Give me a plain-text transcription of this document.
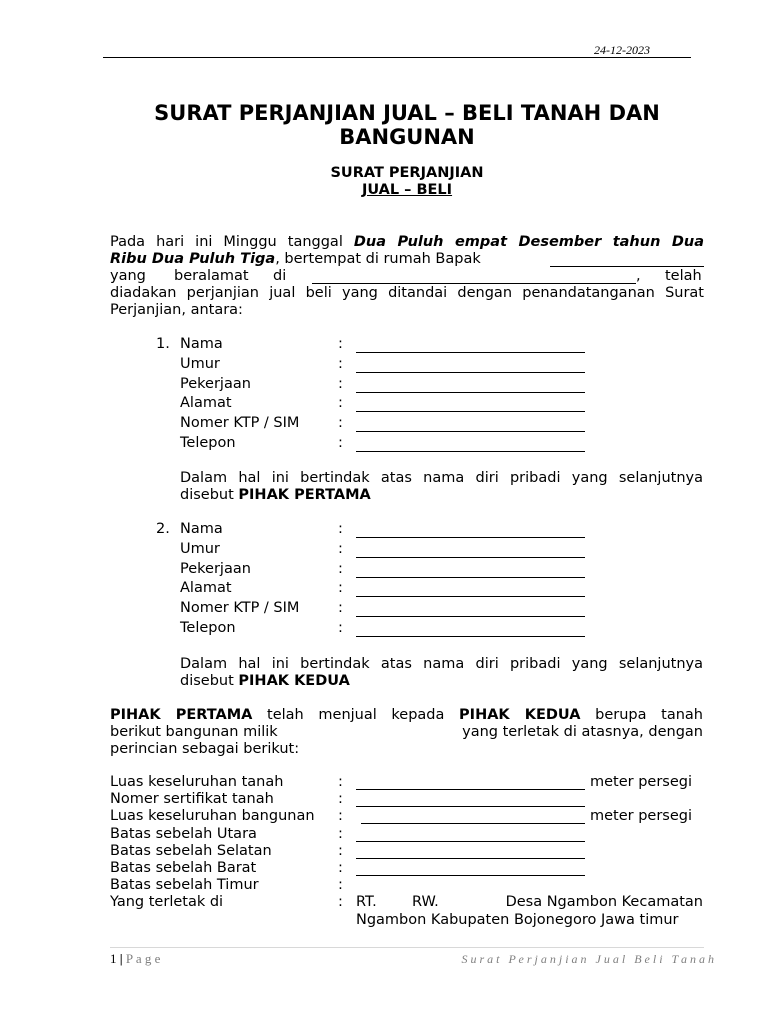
24-12-2023
SURAT PERJANJIAN JUAL – BELI TANAH DAN
BANGUNAN
SURAT PERJANJIAN
JUAL – BELI
Pada hari ini Minggu tanggal Dua Puluh empat Desember tahun Dua
Ribu Dua Puluh Tiga, bertempat di rumah Bapak
yang beralamat di	, telah
diadakan perjanjian jual beli yang ditandai dengan penandatanganan Surat
Perjanjian, antara:
1. Nama	:
Umur	:
Pekerjaan	:
Alamat	:
Nomer KTP / SIM	:
Telepon	:
Dalam hal ini bertindak atas nama diri pribadi yang selanjutnya
disebut PIHAK PERTAMA
2. Nama	:
Umur	:
Pekerjaan	:
Alamat	:
Nomer KTP / SIM	:
Telepon	:
Dalam hal ini bertindak atas nama diri pribadi yang selanjutnya
disebut PIHAK KEDUA
PIHAK PERTAMA telah menjual kepada PIHAK KEDUA berupa tanah
berikut bangunan milik	yang terletak di atasnya, dengan
perincian sebagai berikut:
Luas keseluruhan tanah	:	meter persegi
Nomer sertifikat tanah	:
Luas keseluruhan bangunan :	meter persegi
Batas sebelah Utara	:
Batas sebelah Selatan	:
Batas sebelah Barat	:
Batas sebelah Timur	:
Yang terletak di	: RT. RW.	Desa Ngambon Kecamatan
Ngambon Kabupaten Bojonegoro Jawa timur
1 | P a g e	S u r a t   P e r j a n j i a n   J u a l   B e l i   T a n a h
